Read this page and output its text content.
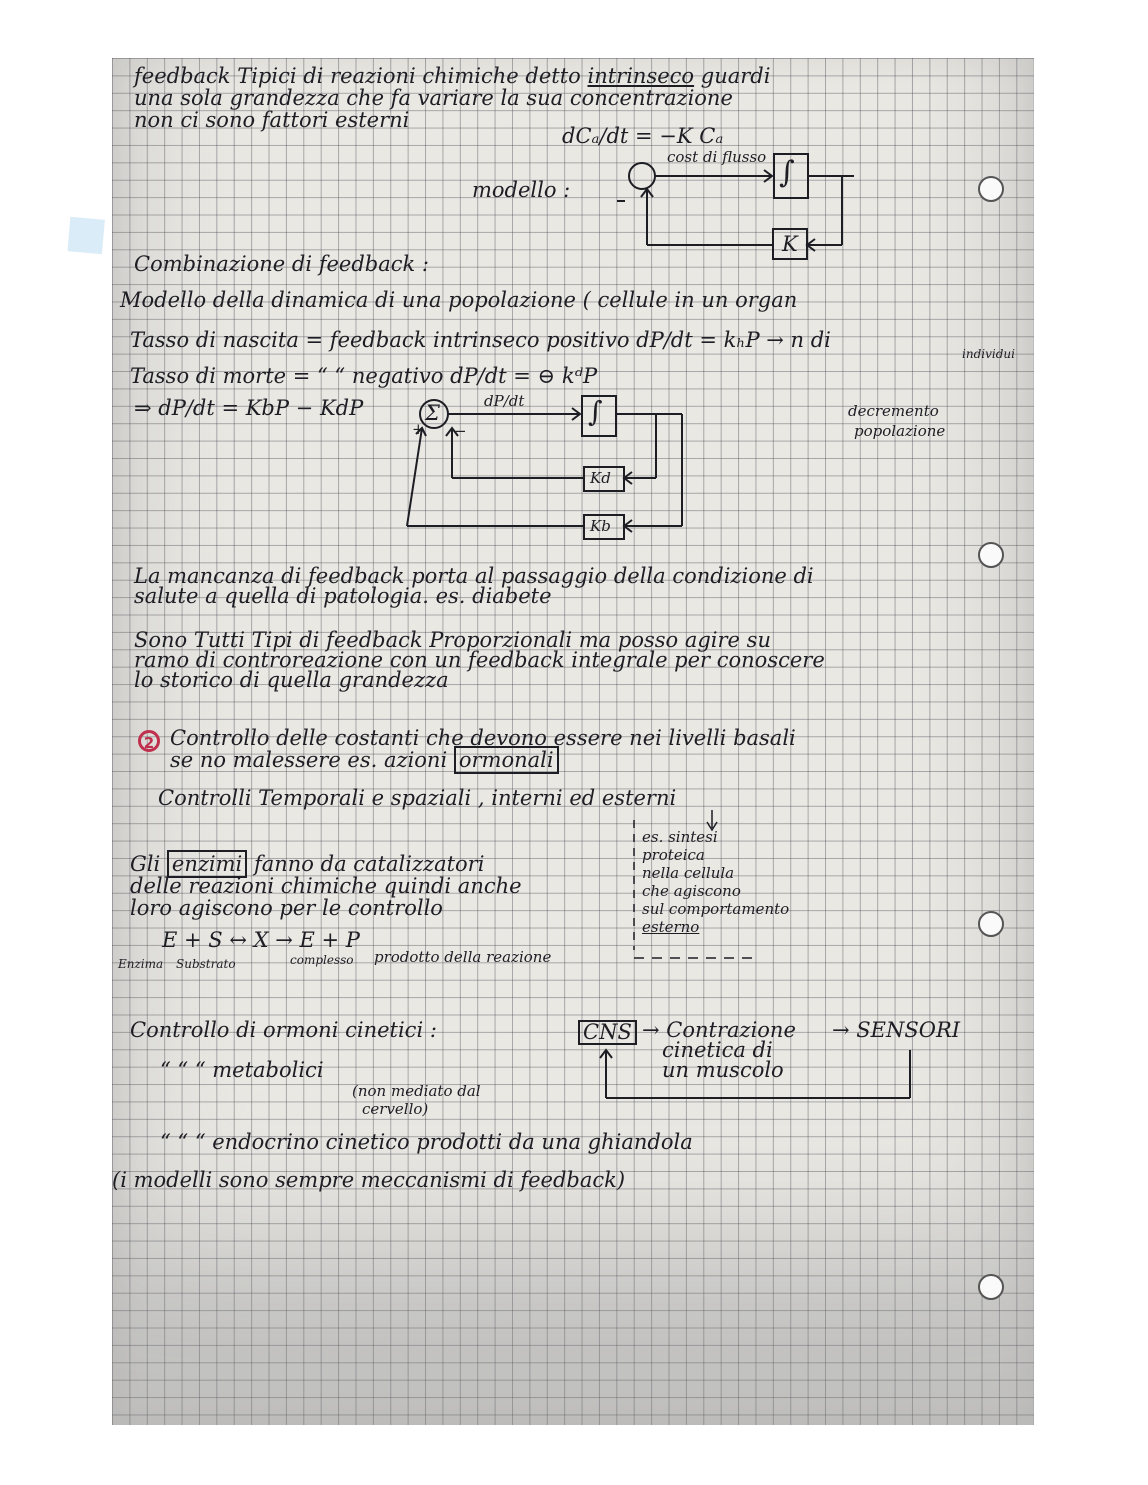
◆
feedback Tipici di reazioni chimiche detto intrinseco guardi
una sola grandezza che fa variare la sua concentrazione
non ci sono fattori esterni
dCₐ/dt = −K Cₐ
cost di flusso
modello :	∫
K
Combinazione di feedback :
Modello della dinamica di una popolazione ( cellule in un organ
Tasso di nascita = feedback intrinseco positivo dP/dt = kₕP → n di
individui
Tasso di morte = “ “ negativo dP/dt = ⊖ kᵈP
decremento
popolazione
⇒ dP/dt = KbP − KdP	Σ
+ −
dP/dt ∫
Kd
Kb
La mancanza di feedback porta al passaggio della condizione di
salute a quella di patologia. es. diabete
Sono Tutti Tipi di feedback Proporzionali ma posso agire su
ramo di controreazione con un feedback integrale per conoscere
lo storico di quella grandezza
2 Controllo delle costanti che devono essere nei livelli basali
se no malessere es. azioni ormonali
Controlli Temporali e spaziali , interni ed esterni
es. sintesi
proteica
nella cellula
che agiscono
sul comportamento
esterno
Gli enzimi fanno da catalizzatori
delle reazioni chimiche quindi anche
loro agiscono per le controllo
E + S ↔ X → E + P
Enzima Substrato	complesso prodotto della reazione
Controllo di ormoni cinetici :	CNS → Contrazione
cinetica di
un muscolo
→ SENSORI
“ “ “ metabolici
(non mediato dal
cervello)
“ “ “ endocrino cinetico prodotti da una ghiandola
(i modelli sono sempre meccanismi di feedback)
